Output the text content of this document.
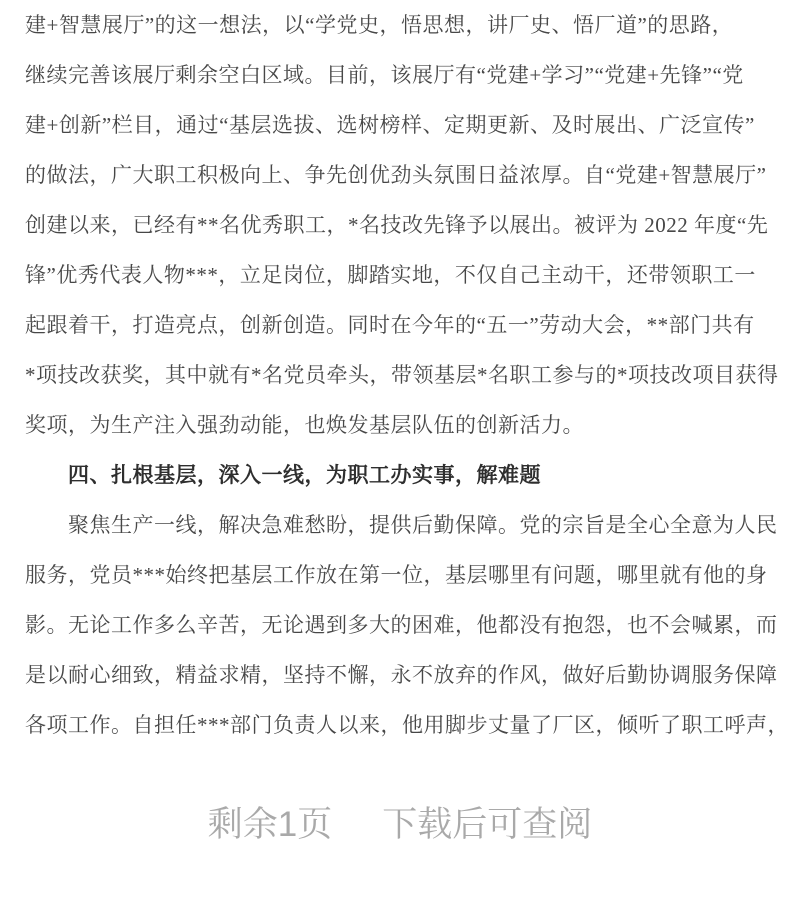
建+智慧展厅”的这一想法，以“学党史，悟思想，讲厂史、悟厂道”的思路，
继续完善该展厅剩余空白区域。目前，该展厅有“党建+学习”“党建+先锋”“党
建+创新”栏目，通过“基层选拔、选树榜样、定期更新、及时展出、广泛宣传”
的做法，广大职工积极向上、争先创优劲头氛围日益浓厚。自“党建+智慧展厅”
创建以来，已经有**名优秀职工，*名技改先锋予以展出。被评为 2022 年度“先
锋”优秀代表人物***，立足岗位，脚踏实地，不仅自己主动干，还带领职工一
起跟着干，打造亮点，创新创造。同时在今年的“五一”劳动大会，**部门共有
*项技改获奖，其中就有*名党员牵头，带领基层*名职工参与的*项技改项目获得
奖项，为生产注入强劲动能，也焕发基层队伍的创新活力。
四、扎根基层，深入一线，为职工办实事，解难题
聚焦生产一线，解决急难愁盼，提供后勤保障。党的宗旨是全心全意为人民
服务，党员***始终把基层工作放在第一位，基层哪里有问题，哪里就有他的身
影。无论工作多么辛苦，无论遇到多大的困难，他都没有抱怨，也不会喊累，而
是以耐心细致，精益求精，坚持不懈，永不放弃的作风，做好后勤协调服务保障
各项工作。自担任***部门负责人以来，他用脚步丈量了厂区，倾听了职工呼声，
剩余1页 下载后可查阅
